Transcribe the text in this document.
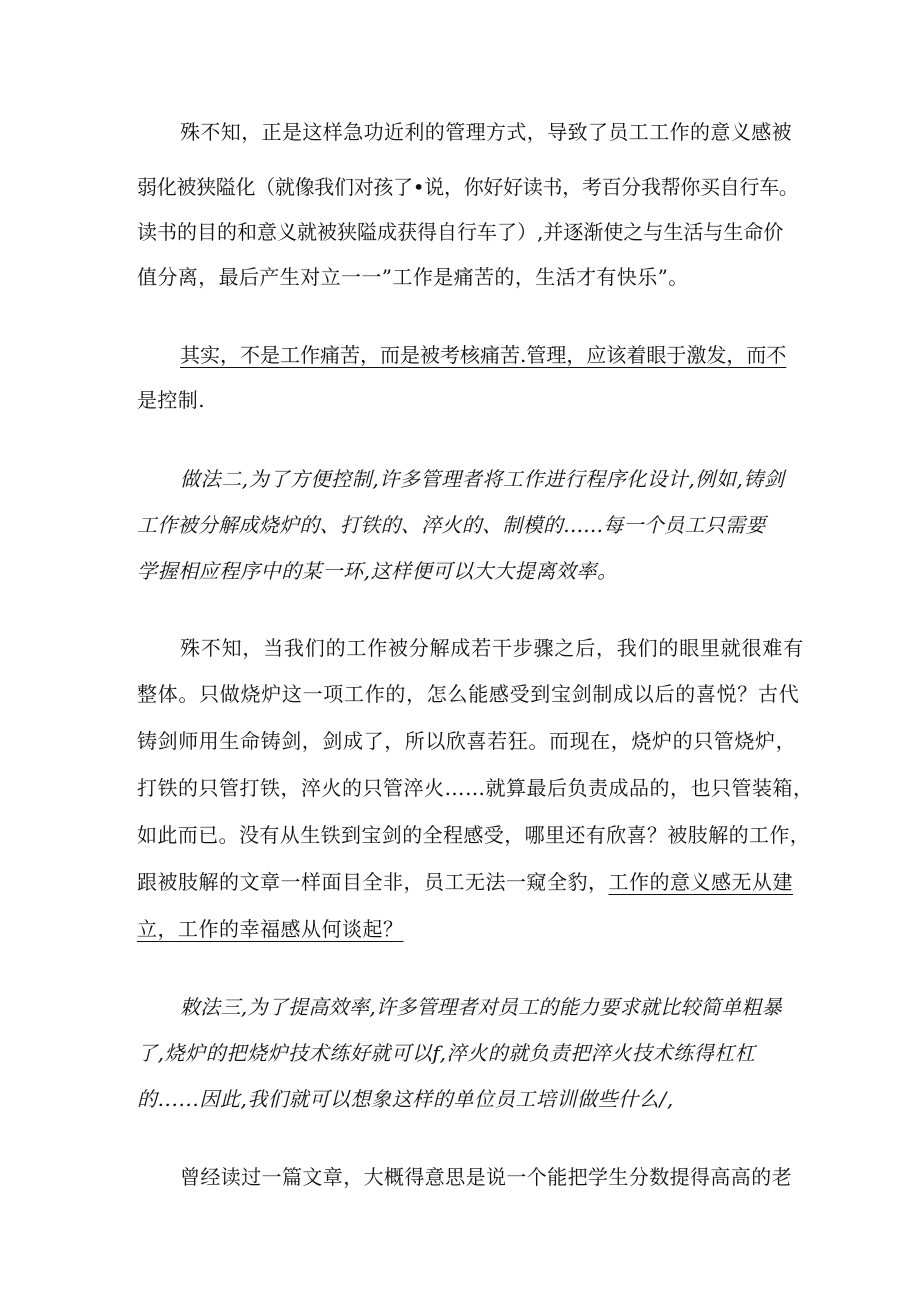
殊不知，正是这样急功近利的管理方式，导致了员工工作的意义感被
弱化被狭隘化（就像我们对孩了•说，你好好读书，考百分我帮你买自行车。
读书的目的和意义就被狭隘成获得自行车了）,并逐渐使之与生活与生命价
值分离，最后产生对立一一”工作是痛苦的，生活才有快乐”。
其实，不是工作痛苦，而是被考核痛苦.管理，应该着眼于激发，而不
是控制.
做法二,为了方便控制,许多管理者将工作进行程序化设计,例如,铸剑
工作被分解成烧炉的、打铁的、淬火的、制模的......每一个员工只需要
学握相应程序中的某一环,这样便可以大大提离效率。
殊不知，当我们的工作被分解成若干步骤之后，我们的眼里就很难有
整体。只做烧炉这一项工作的，怎么能感受到宝剑制成以后的喜悦？古代
铸剑师用生命铸剑，剑成了，所以欣喜若狂。而现在，烧炉的只管烧炉，
打铁的只管打铁，淬火的只管淬火……就算最后负责成品的，也只管装箱，
如此而已。没有从生铁到宝剑的全程感受，哪里还有欣喜？被肢解的工作，
跟被肢解的文章一样面目全非，员工无法一窥全豹，工作的意义感无从建
立，工作的幸福感从何谈起？
敕法三,为了提高效率,许多管理者对员工的能力要求就比较简单粗暴
了,烧炉的把烧炉技术练好就可以f,淬火的就负责把淬火技术练得杠杠
的......因此,我们就可以想象这样的单位员工培训做些什么/,
曾经读过一篇文章，大概得意思是说一个能把学生分数提得高高的老
